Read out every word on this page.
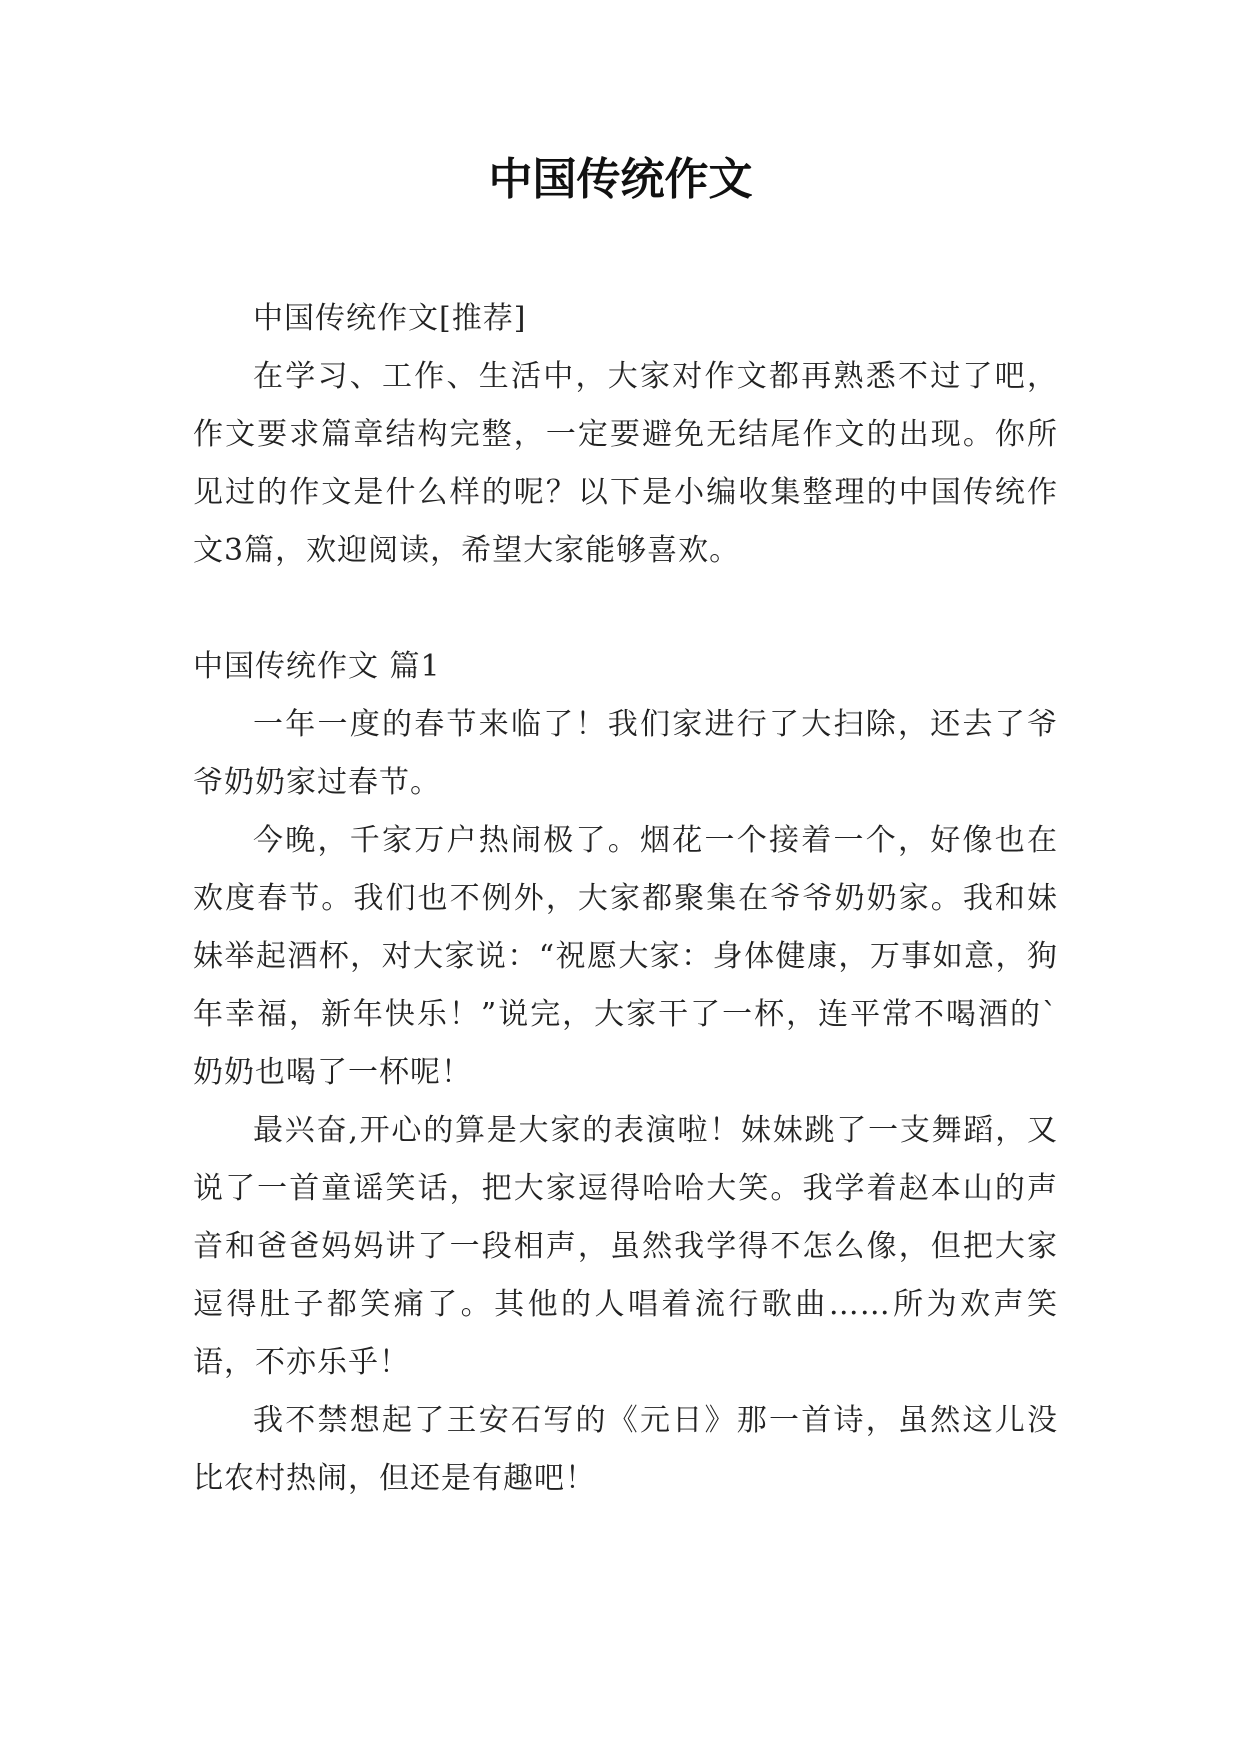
中国传统作文

中国传统作文[推荐]

在学习、工作、生活中，大家对作文都再熟悉不过了吧，作文要求篇章结构完整，一定要避免无结尾作文的出现。你所见过的作文是什么样的呢？以下是小编收集整理的中国传统作文3篇，欢迎阅读，希望大家能够喜欢。

中国传统作文 篇1

一年一度的春节来临了！我们家进行了大扫除，还去了爷爷奶奶家过春节。

今晚，千家万户热闹极了。烟花一个接着一个，好像也在欢度春节。我们也不例外，大家都聚集在爷爷奶奶家。我和妹妹举起酒杯，对大家说：“祝愿大家：身体健康，万事如意，狗年幸福，新年快乐！”说完，大家干了一杯，连平常不喝酒的`奶奶也喝了一杯呢！

最兴奋,开心的算是大家的表演啦！妹妹跳了一支舞蹈，又说了一首童谣笑话，把大家逗得哈哈大笑。我学着赵本山的声音和爸爸妈妈讲了一段相声，虽然我学得不怎么像，但把大家逗得肚子都笑痛了。其他的人唱着流行歌曲……所为欢声笑语，不亦乐乎！

我不禁想起了王安石写的《元日》那一首诗，虽然这儿没比农村热闹，但还是有趣吧！
